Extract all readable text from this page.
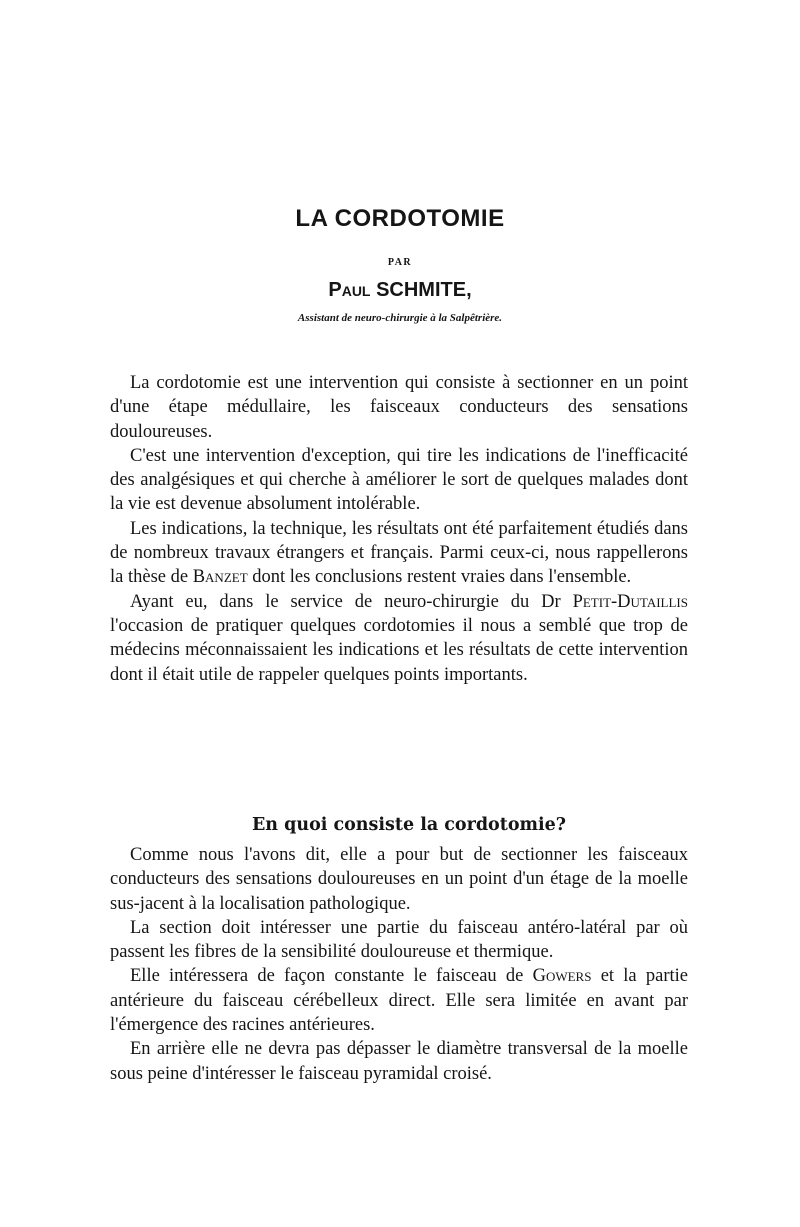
LA CORDOTOMIE
PAR
Paul SCHMITE,
Assistant de neuro-chirurgie à la Salpêtrière.

La cordotomie est une intervention qui consiste à sectionner en un point d'une étape médullaire, les faisceaux conducteurs des sensations douloureuses.

C'est une intervention d'exception, qui tire les indications de l'inefficacité des analgésiques et qui cherche à améliorer le sort de quelques malades dont la vie est devenue absolument intolérable.

Les indications, la technique, les résultats ont été parfaitement étudiés dans de nombreux travaux étrangers et français. Parmi ceux-ci, nous rappellerons la thèse de Banzet dont les conclusions restent vraies dans l'ensemble.

Ayant eu, dans le service de neuro-chirurgie du Dr Petit-Dutaillis l'occasion de pratiquer quelques cordotomies il nous a semblé que trop de médecins méconnaissaient les indications et les résultats de cette intervention dont il était utile de rappeler quelques points importants.

En quoi consiste la cordotomie?

Comme nous l'avons dit, elle a pour but de sectionner les faisceaux conducteurs des sensations douloureuses en un point d'un étage de la moelle sus-jacent à la localisation pathologique.

La section doit intéresser une partie du faisceau antéro-latéral par où passent les fibres de la sensibilité douloureuse et thermique.

Elle intéressera de façon constante le faisceau de Gowers et la partie antérieure du faisceau cérébelleux direct. Elle sera limitée en avant par l'émergence des racines antérieures.

En arrière elle ne devra pas dépasser le diamètre transversal de la moelle sous peine d'intéresser le faisceau pyramidal croisé.
